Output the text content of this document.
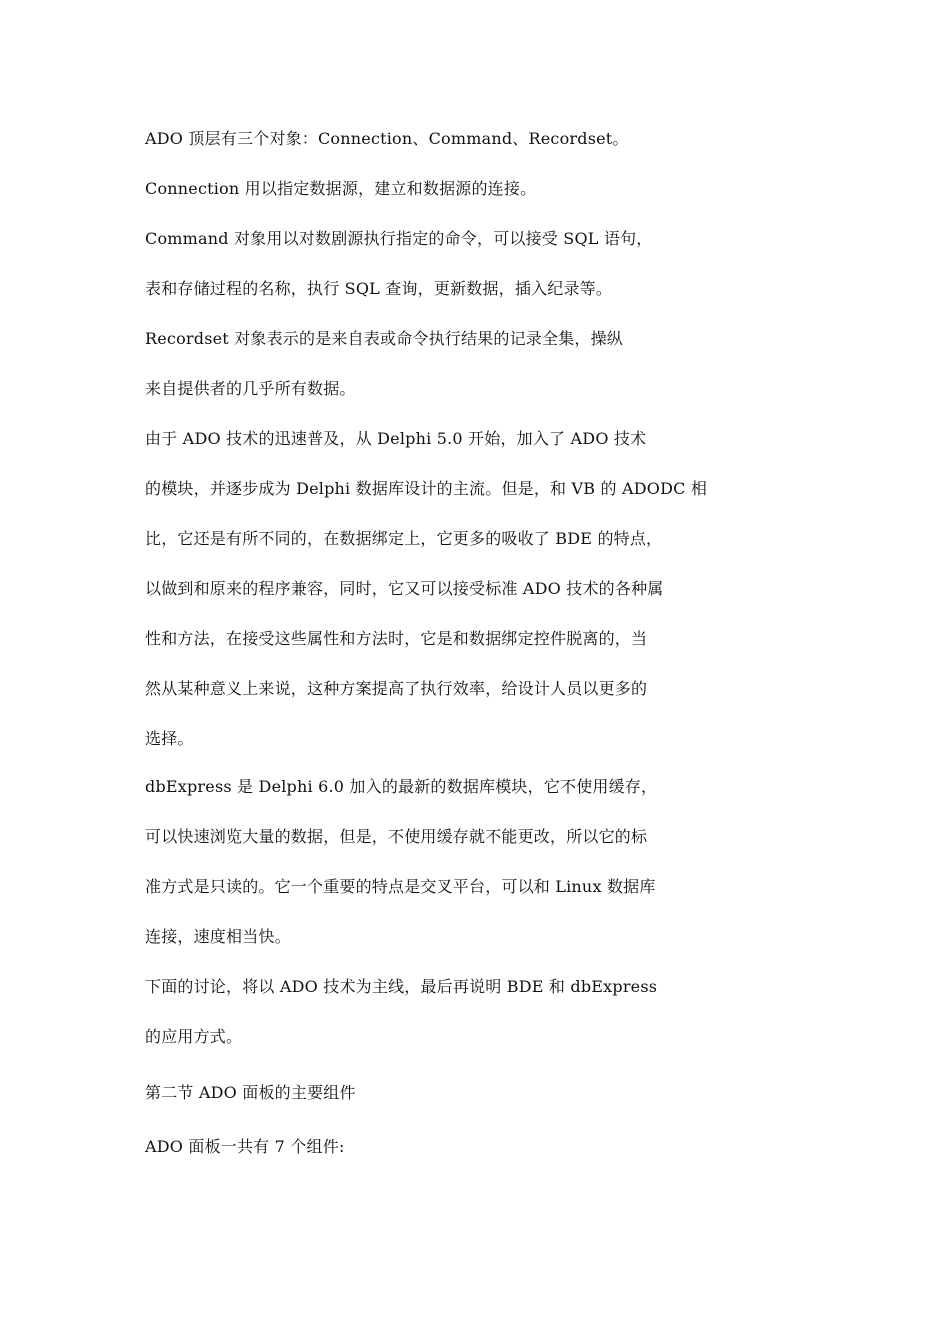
ADO 顶层有三个对象：Connection、Command、Recordset。
Connection 用以指定数据源，建立和数据源的连接。
Command 对象用以对数剧源执行指定的命令，可以接受 SQL 语句，
表和存储过程的名称，执行 SQL 查询，更新数据，插入纪录等。
Recordset 对象表示的是来自表或命令执行结果的记录全集，操纵
来自提供者的几乎所有数据。
由于 ADO 技术的迅速普及，从 Delphi 5.0 开始，加入了 ADO 技术
的模块，并逐步成为 Delphi 数据库设计的主流。但是，和 VB 的 ADODC 相
比，它还是有所不同的，在数据绑定上，它更多的吸收了 BDE 的特点，
以做到和原来的程序兼容，同时，它又可以接受标准 ADO 技术的各种属
性和方法，在接受这些属性和方法时，它是和数据绑定控件脱离的，当
然从某种意义上来说，这种方案提高了执行效率，给设计人员以更多的
选择。
dbExpress 是 Delphi 6.0 加入的最新的数据库模块，它不使用缓存，
可以快速浏览大量的数据，但是，不使用缓存就不能更改，所以它的标
准方式是只读的。它一个重要的特点是交叉平台，可以和 Linux 数据库
连接，速度相当快。
下面的讨论，将以 ADO 技术为主线，最后再说明 BDE 和 dbExpress
的应用方式。
第二节 ADO 面板的主要组件
ADO 面板一共有 7 个组件:
